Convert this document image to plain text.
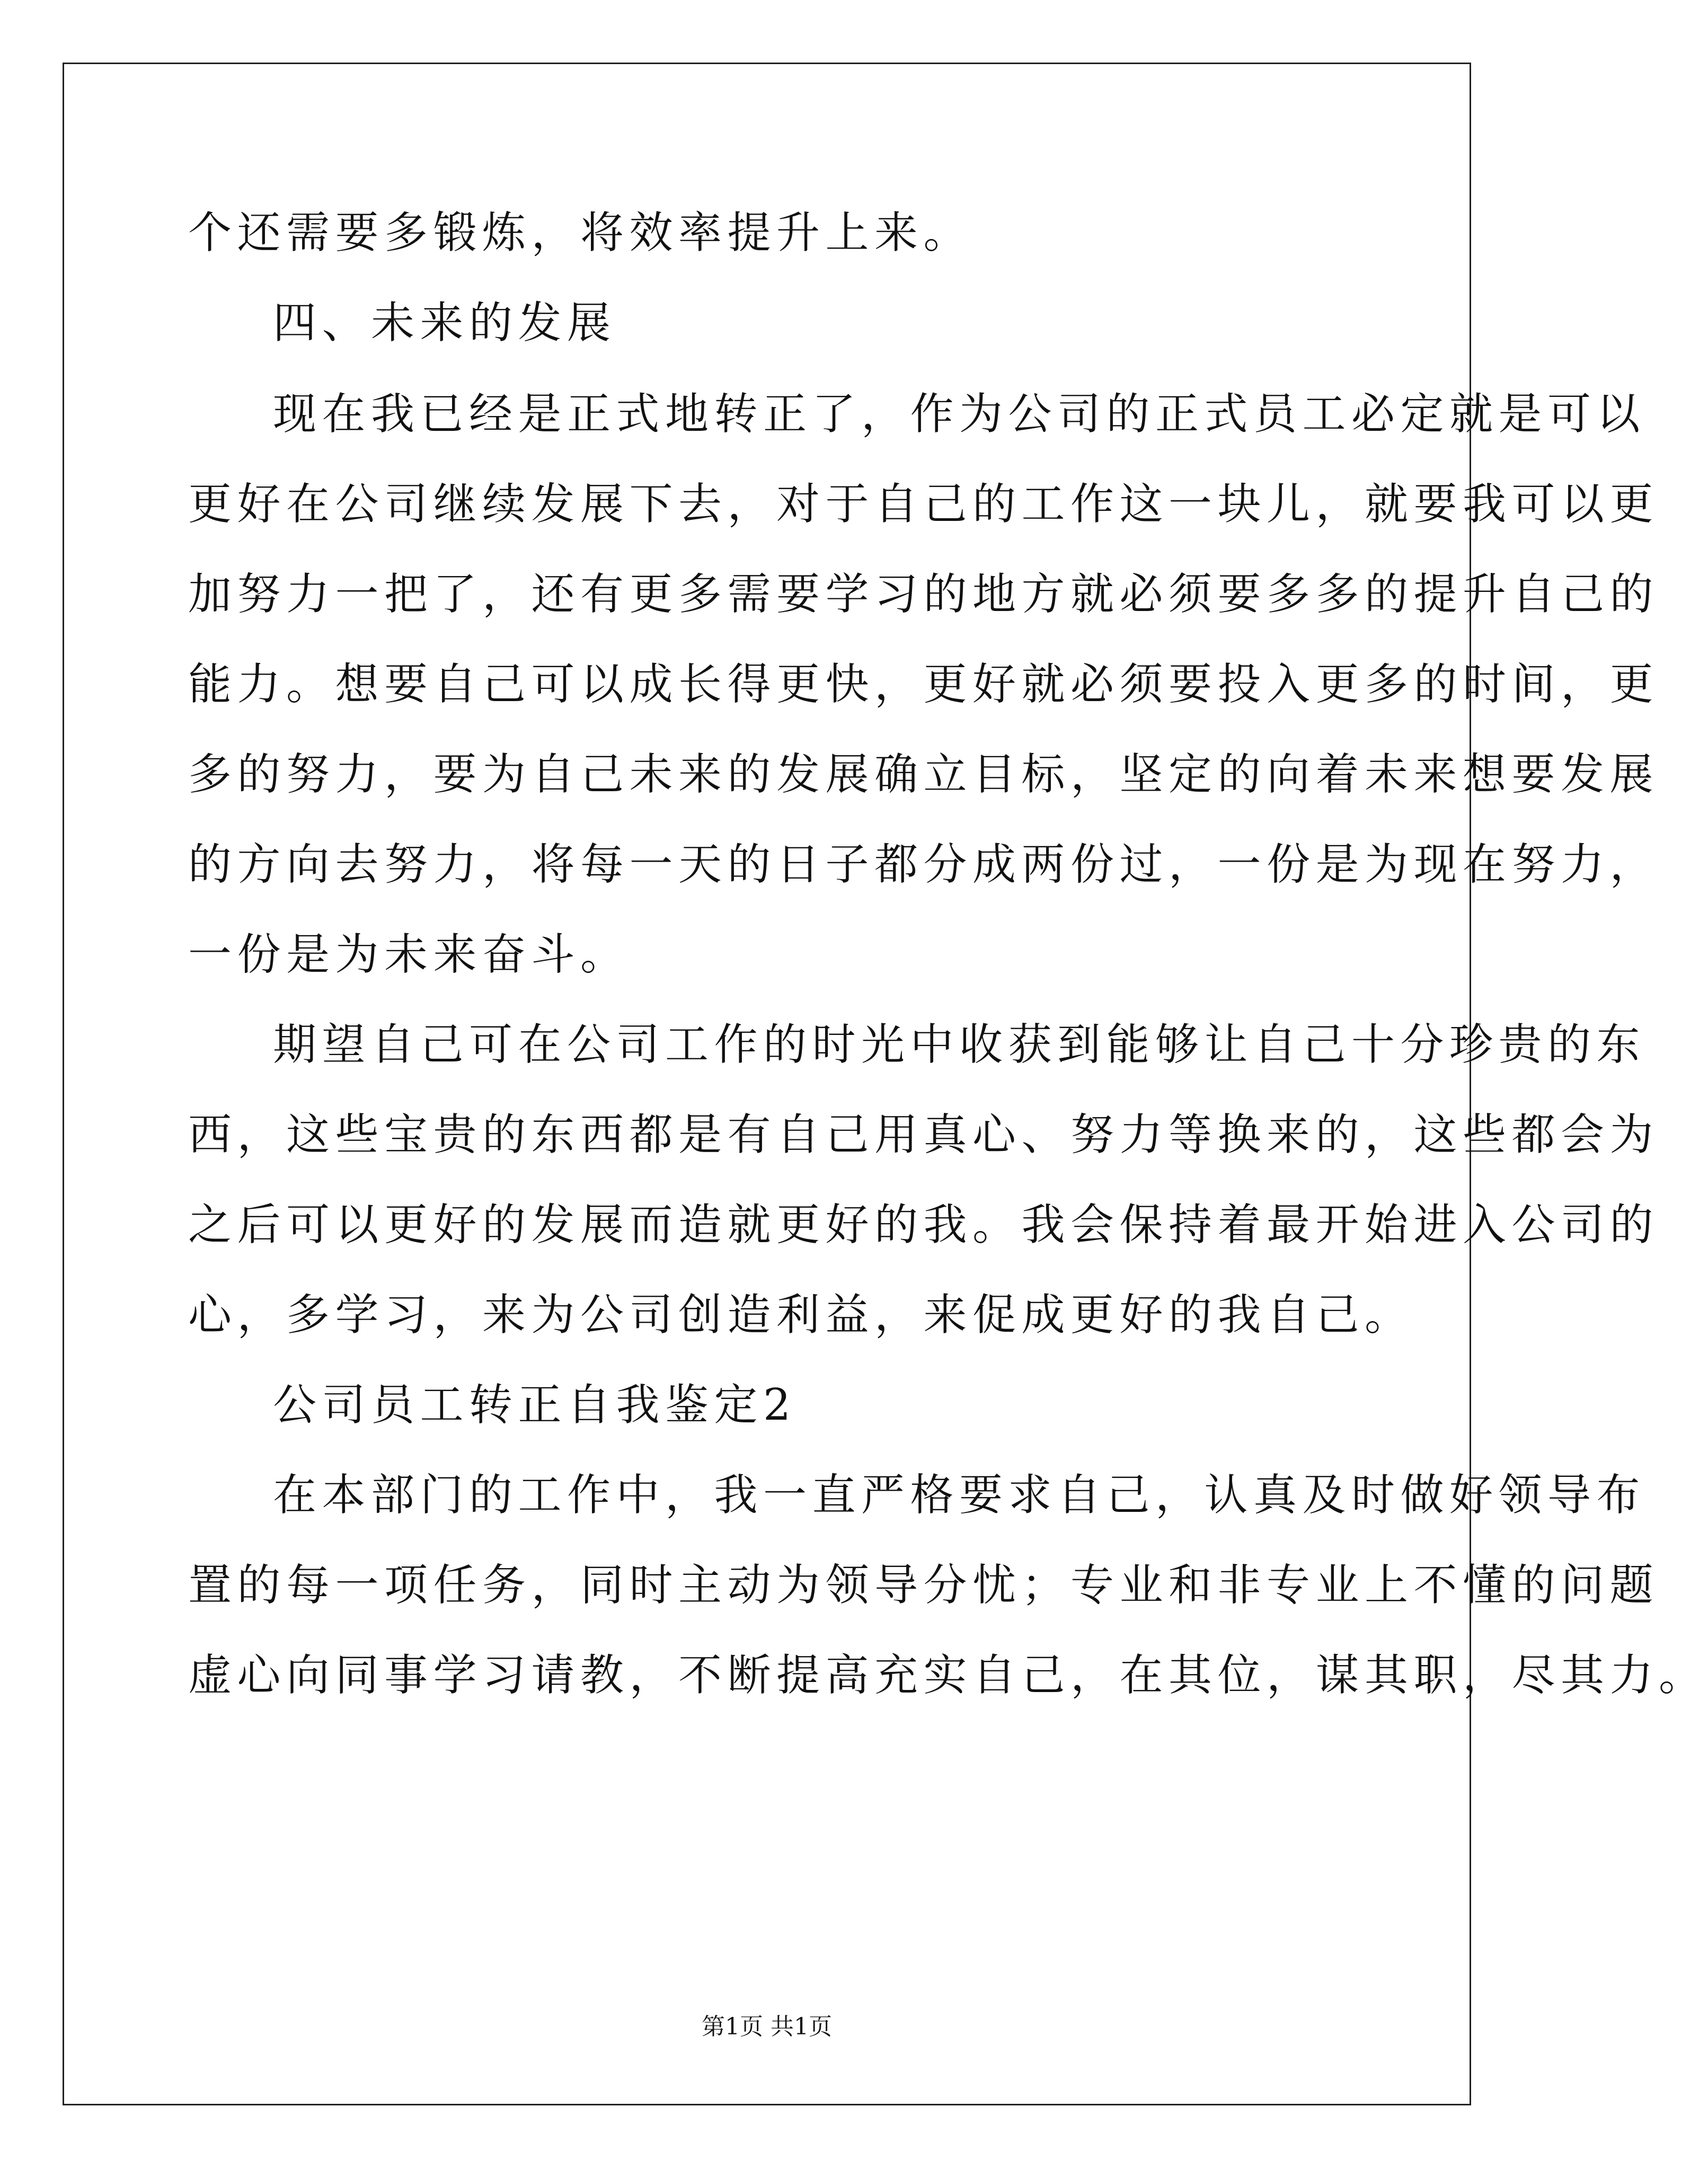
个还需要多锻炼，将效率提升上来。
四、未来的发展
现在我已经是正式地转正了，作为公司的正式员工必定就是可以
更好在公司继续发展下去，对于自己的工作这一块儿，就要我可以更
加努力一把了，还有更多需要学习的地方就必须要多多的提升自己的
能力。想要自己可以成长得更快，更好就必须要投入更多的时间，更
多的努力，要为自己未来的发展确立目标，坚定的向着未来想要发展
的方向去努力，将每一天的日子都分成两份过，一份是为现在努力，
一份是为未来奋斗。
期望自己可在公司工作的时光中收获到能够让自己十分珍贵的东
西，这些宝贵的东西都是有自己用真心、努力等换来的，这些都会为
之后可以更好的发展而造就更好的我。我会保持着最开始进入公司的
心，多学习，来为公司创造利益，来促成更好的我自己。
公司员工转正自我鉴定2
在本部门的工作中，我一直严格要求自己，认真及时做好领导布
置的每一项任务，同时主动为领导分忧；专业和非专业上不懂的问题
虚心向同事学习请教，不断提高充实自己，在其位，谋其职，尽其力。
第1页 共1页
